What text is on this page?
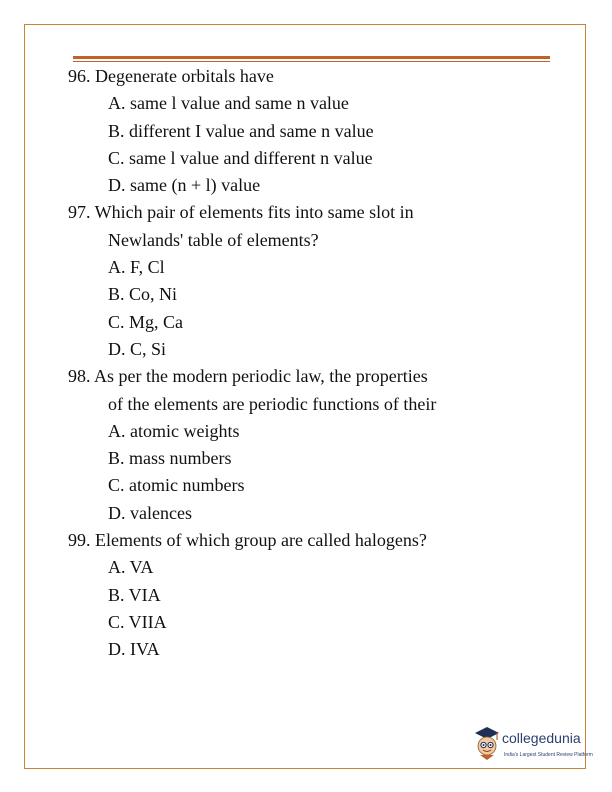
96. Degenerate orbitals have
A. same l value and same n value
B. different I value and same n value
C. same l value and different n value
D. same (n + l) value
97. Which pair of elements fits into same slot in
Newlands' table of elements?
A. F, Cl
B. Co, Ni
C. Mg, Ca
D. C, Si
98. As per the modern periodic law, the properties
of the elements are periodic functions of their
A. atomic weights
B. mass numbers
C. atomic numbers
D. valences
99. Elements of which group are called halogens?
A. VA
B. VIA
C. VIIA
D. IVA
collegedunia
India's Largest Student Review Platform
